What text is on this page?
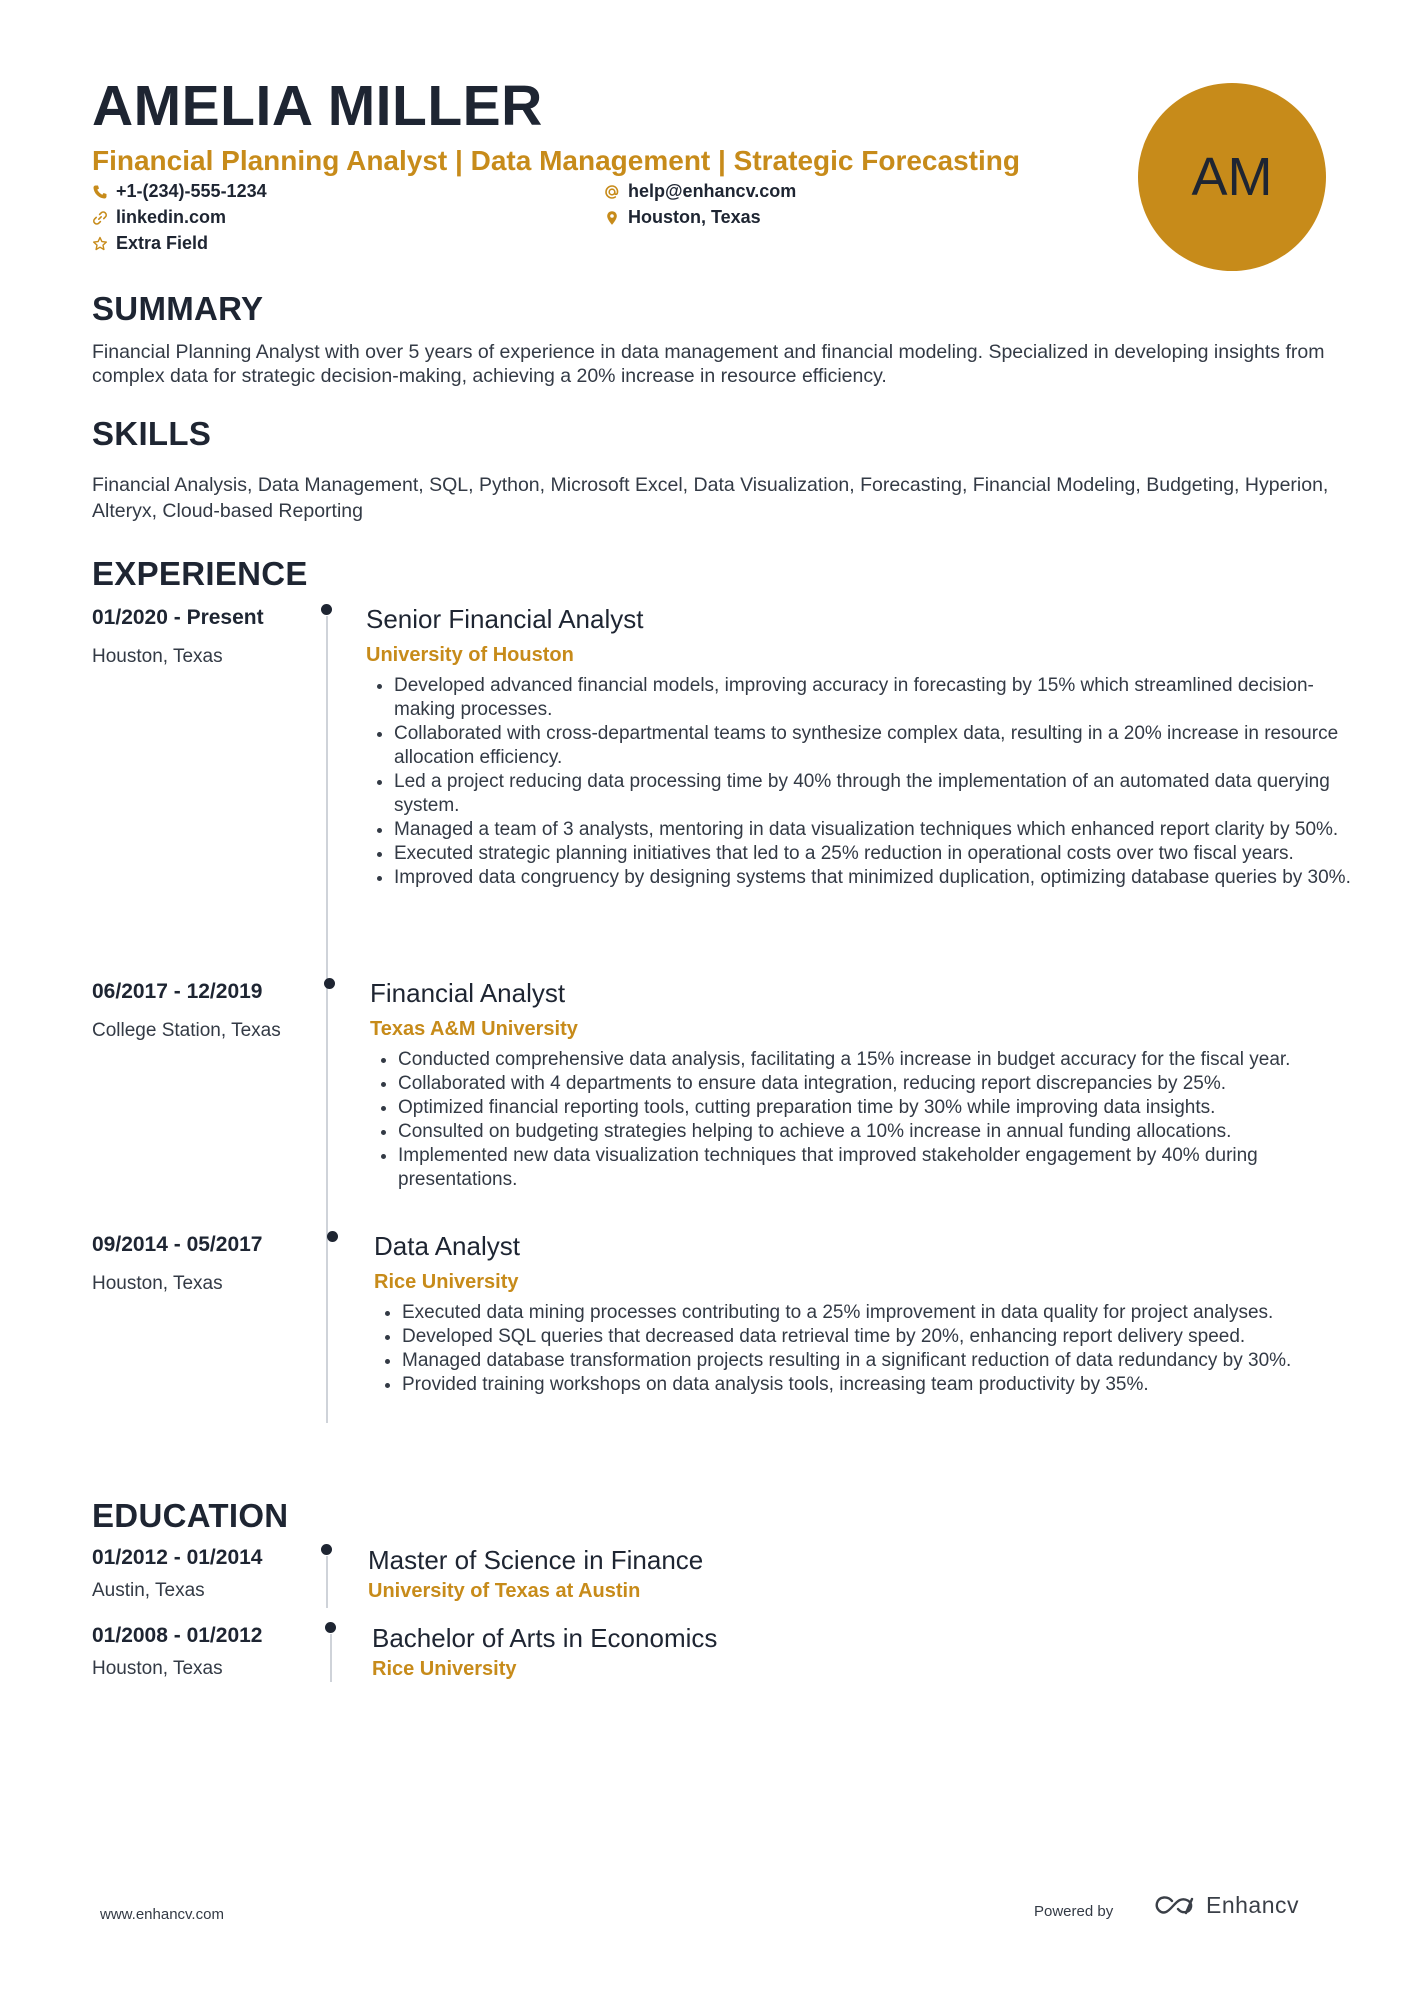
AMELIA MILLER
Financial Planning Analyst | Data Management | Strategic Forecasting
+1-(234)-555-1234	help@enhancv.com
linkedin.com	Houston, Texas
Extra Field
AM
SUMMARY
Financial Planning Analyst with over 5 years of experience in data management and financial modeling. Specialized in developing insights from complex data for strategic decision-making, achieving a 20% increase in resource efficiency.
SKILLS
Financial Analysis, Data Management, SQL, Python, Microsoft Excel, Data Visualization, Forecasting, Financial Modeling, Budgeting, Hyperion, Alteryx, Cloud-based Reporting
EXPERIENCE
01/2020 - Present
Houston, Texas
Senior Financial Analyst
University of Houston
• Developed advanced financial models, improving accuracy in forecasting by 15% which streamlined decision-making processes.
• Collaborated with cross-departmental teams to synthesize complex data, resulting in a 20% increase in resource allocation efficiency.
• Led a project reducing data processing time by 40% through the implementation of an automated data querying system.
• Managed a team of 3 analysts, mentoring in data visualization techniques which enhanced report clarity by 50%.
• Executed strategic planning initiatives that led to a 25% reduction in operational costs over two fiscal years.
• Improved data congruency by designing systems that minimized duplication, optimizing database queries by 30%.
06/2017 - 12/2019
College Station, Texas
Financial Analyst
Texas A&M University
• Conducted comprehensive data analysis, facilitating a 15% increase in budget accuracy for the fiscal year.
• Collaborated with 4 departments to ensure data integration, reducing report discrepancies by 25%.
• Optimized financial reporting tools, cutting preparation time by 30% while improving data insights.
• Consulted on budgeting strategies helping to achieve a 10% increase in annual funding allocations.
• Implemented new data visualization techniques that improved stakeholder engagement by 40% during presentations.
09/2014 - 05/2017
Houston, Texas
Data Analyst
Rice University
• Executed data mining processes contributing to a 25% improvement in data quality for project analyses.
• Developed SQL queries that decreased data retrieval time by 20%, enhancing report delivery speed.
• Managed database transformation projects resulting in a significant reduction of data redundancy by 30%.
• Provided training workshops on data analysis tools, increasing team productivity by 35%.
EDUCATION
01/2012 - 01/2014
Austin, Texas
Master of Science in Finance
University of Texas at Austin
01/2008 - 01/2012
Houston, Texas
Bachelor of Arts in Economics
Rice University
www.enhancv.com	Powered by	Enhancv
